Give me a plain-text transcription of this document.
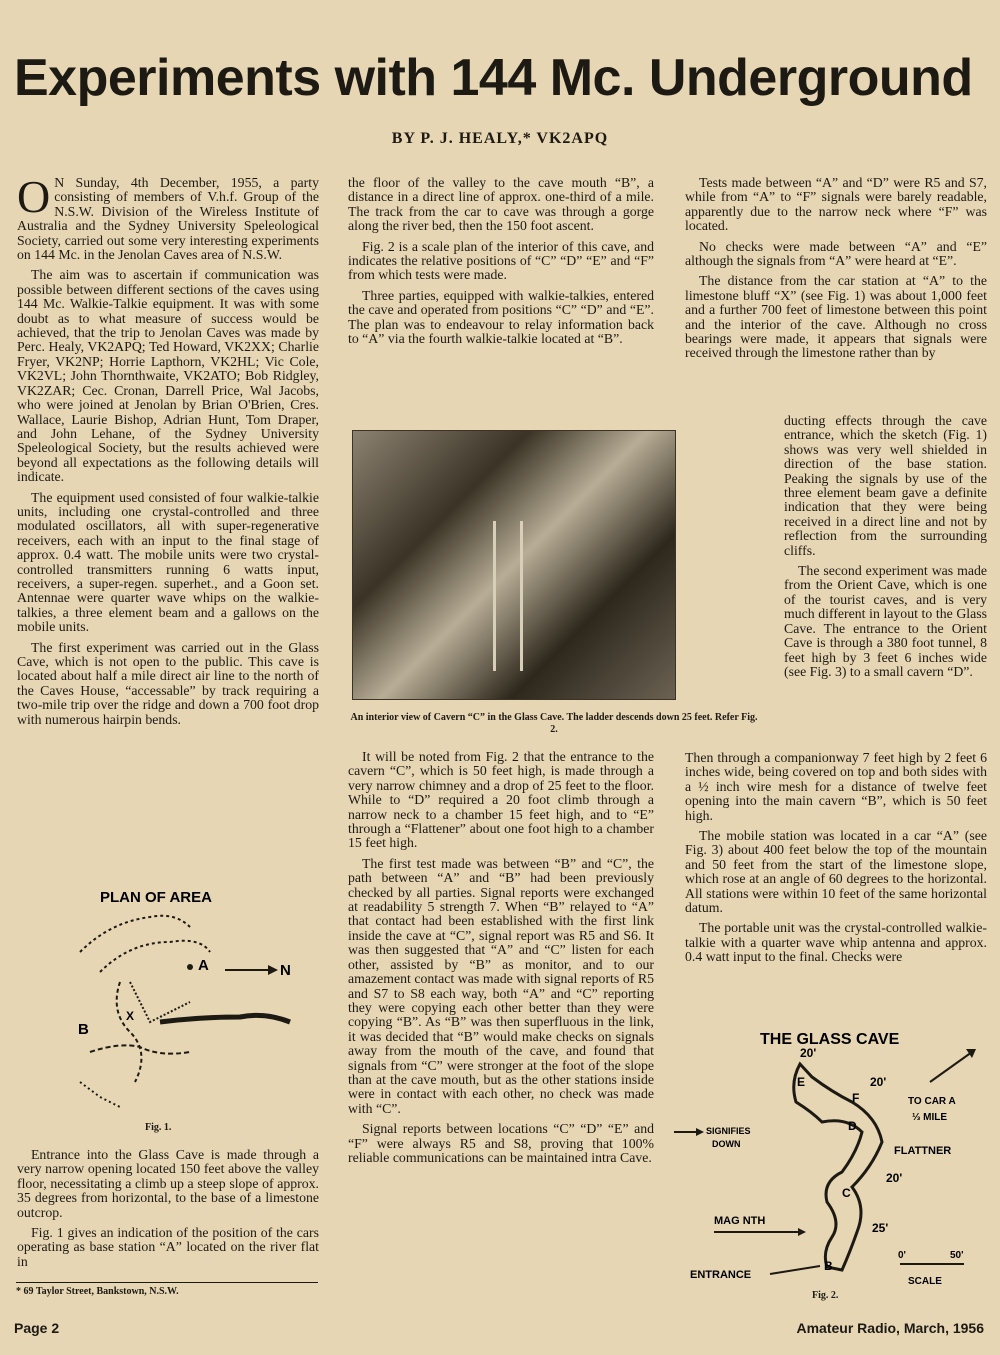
Experiments with 144 Mc. Underground
BY P. J. HEALY,* VK2APQ

O N Sunday, 4th December, 1955, a party consisting of members of V.h.f. Group of the N.S.W. Division of the Wireless Institute of Australia and the Sydney University Speleological Society, carried out some very interesting experiments on 144 Mc. in the Jenolan Caves area of N.S.W.

The aim was to ascertain if communication was possible between different sections of the caves using 144 Mc. Walkie-Talkie equipment. It was with some doubt as to what measure of success would be achieved, that the trip to Jenolan Caves was made by Perc. Healy, VK2APQ; Ted Howard, VK2XX; Charlie Fryer, VK2NP; Horrie Lapthorn, VK2HL; Vic Cole, VK2VL; John Thornthwaite, VK2ATO; Bob Ridgley, VK2ZAR; Cec. Cronan, Darrell Price, Wal Jacobs, who were joined at Jenolan by Brian O'Brien, Cres. Wallace, Laurie Bishop, Adrian Hunt, Tom Draper, and John Lehane, of the Sydney University Speleological Society, but the results achieved were beyond all expectations as the following details will indicate.

The equipment used consisted of four walkie-talkie units, including one crystal-controlled and three modulated oscillators, all with super-regenerative receivers, each with an input to the final stage of approx. 0.4 watt. The mobile units were two crystal-controlled transmitters running 6 watts input, receivers, a super-regen. superhet., and a Goon set. Antennae were quarter wave whips on the walkie-talkies, a three element beam and a gallows on the mobile units.

The first experiment was carried out in the Glass Cave, which is not open to the public. This cave is located about half a mile direct air line to the north of the Caves House, “accessable” by track requiring a two-mile trip over the ridge and down a 700 foot drop with numerous hairpin bends.

PLAN OF AREA
A	N
B
X
Fig. 1.

Entrance into the Glass Cave is made through a very narrow opening located 150 feet above the valley floor, necessitating a climb up a steep slope of approx. 35 degrees from horizontal, to the base of a limestone outcrop.

Fig. 1 gives an indication of the position of the cars operating as base station “A” located on the river flat in

* 69 Taylor Street, Bankstown, N.S.W.

the floor of the valley to the cave mouth “B”, a distance in a direct line of approx. one-third of a mile. The track from the car to cave was through a gorge along the river bed, then the 150 foot ascent.

Fig. 2 is a scale plan of the interior of this cave, and indicates the relative positions of “C” “D” “E” and “F” from which tests were made.

Three parties, equipped with walkie-talkies, entered the cave and operated from positions “C” “D” and “E”. The plan was to endeavour to relay information back to “A” via the fourth walkie-talkie located at “B”.

An interior view of Cavern “C” in the Glass Cave. The ladder descends down 25 feet. Refer Fig. 2.

It will be noted from Fig. 2 that the entrance to the cavern “C”, which is 50 feet high, is made through a very narrow chimney and a drop of 25 feet to the floor. While to “D” required a 20 foot climb through a narrow neck to a chamber 15 feet high, and to “E” through a “Flattener” about one foot high to a chamber 15 feet high.

The first test made was between “B” and “C”, the path between “A” and “B” had been previously checked by all parties. Signal reports were exchanged at readability 5 strength 7. When “B” relayed to “A” that contact had been established with the first link inside the cave at “C”, signal report was R5 and S6. It was then suggested that “A” and “C” listen for each other, assisted by “B” as monitor, and to our amazement contact was made with signal reports of R5 and S7 to S8 each way, both “A” and “C” reporting they were copying each other better than they were copying “B”. As “B” was then superfluous in the link, it was decided that “B” would make checks on signals away from the mouth of the cave, and found that signals from “C” were stronger at the foot of the slope than at the cave mouth, but as the other stations inside were in contact with each other, no check was made with “C”.

Signal reports between locations “C” “D” “E” and “F” were always R5 and S8, proving that 100% reliable communications can be maintained intra Cave.

Tests made between “A” and “D” were R5 and S7, while from “A” to “F” signals were barely readable, apparently due to the narrow neck where “F” was located.

No checks were made between “A” and “E” although the signals from “A” were heard at “E”.

The distance from the car station at “A” to the limestone bluff “X” (see Fig. 1) was about 1,000 feet and a further 700 feet of limestone between this point and the interior of the cave. Although no cross bearings were made, it appears that signals were received through the limestone rather than by

ducting effects through the cave entrance, which the sketch (Fig. 1) shows was very well shielded in direction of the base station. Peaking the signals by use of the three element beam gave a definite indication that they were being received in a direct line and not by reflection from the surrounding cliffs.

The second experiment was made from the Orient Cave, which is one of the tourist caves, and is very much different in layout to the Glass Cave. The entrance to the Orient Cave is through a 380 foot tunnel, 8 feet high by 3 feet 6 inches wide (see Fig. 3) to a small cavern “D”.

Then through a companionway 7 feet high by 2 feet 6 inches wide, being covered on top and both sides with a ½ inch wire mesh for a distance of twelve feet opening into the main cavern “B”, which is 50 feet high.

The mobile station was located in a car “A” (see Fig. 3) about 400 feet below the top of the mountain and 50 feet from the start of the limestone slope, which rose at an angle of 60 degrees to the horizontal. All stations were within 10 feet of the same horizontal datum.

The portable unit was the crystal-controlled walkie-talkie with a quarter wave whip antenna and approx. 0.4 watt input to the final. Checks were

THE GLASS CAVE
20'
E	20'
F
D
20'
C
25'
B
TO CAR A
⅓ MILE
SIGNIFIES
DOWN
FLATTNER
MAG NTH
ENTRANCE
0'	50'
SCALE
Fig. 2.
Page 2	Amateur Radio, March, 1956
